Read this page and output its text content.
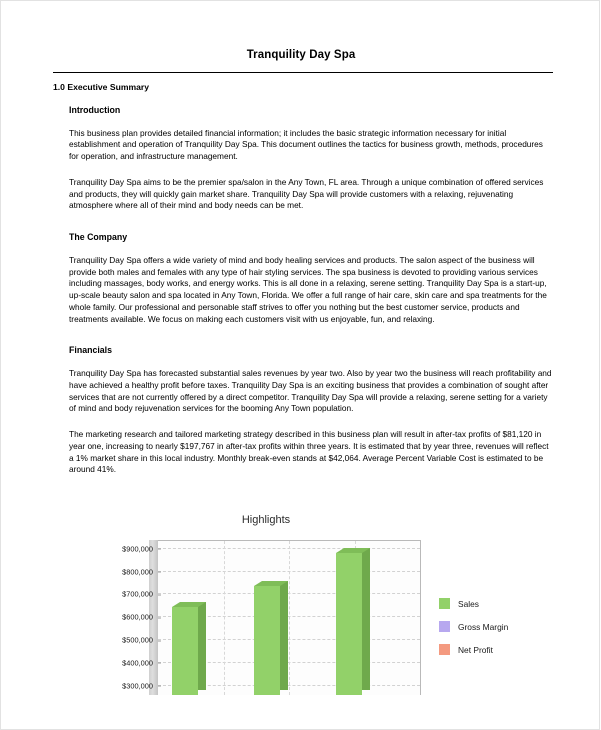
Tranquility Day Spa
1.0 Executive Summary
Introduction

This business plan provides detailed financial information; it includes the basic strategic information necessary for initial establishment and operation of Tranquility Day Spa. This document outlines the tactics for business growth, methods, procedures for operation, and infrastructure management.

Tranquility Day Spa aims to be the premier spa/salon in the Any Town, FL area. Through a unique combination of offered services and products, they will quickly gain market share. Tranquility Day Spa will provide customers with a relaxing, rejuvenating atmosphere where all of their mind and body needs can be met.

The Company

Tranquility Day Spa offers a wide variety of mind and body healing services and products. The salon aspect of the business will provide both males and females with any type of hair styling services. The spa business is devoted to providing various services including massages, body works, and energy works. This is all done in a relaxing, serene setting. Tranquility Day Spa is a start-up, up-scale beauty salon and spa located in Any Town, Florida. We offer a full range of hair care, skin care and spa treatments for the whole family. Our professional and personable staff strives to offer you nothing but the best customer service, products and treatments available. We focus on making each customers visit with us enjoyable, fun, and relaxing.

Financials

Tranquility Day Spa has forecasted substantial sales revenues by year two. Also by year two the business will reach profitability and have achieved a healthy profit before taxes. Tranquility Day Spa is an exciting business that provides a combination of sought after services that are not currently offered by a direct competitor. Tranquility Day Spa will provide a relaxing, serene setting for a variety of mind and body rejuvenation services for the booming Any Town population.

The marketing research and tailored marketing strategy described in this business plan will result in after-tax profits of $81,120 in year one, increasing to nearly $197,767 in after-tax profits within three years. It is estimated that by year three, revenues will reflect a 1% market share in this local industry. Monthly break-even stands at $42,064. Average Percent Variable Cost is estimated to be around 41%.

Highlights
$900,000
$800,000
$700,000
$600,000
$500,000
$400,000
$300,000
Sales
Gross Margin
Net Profit
